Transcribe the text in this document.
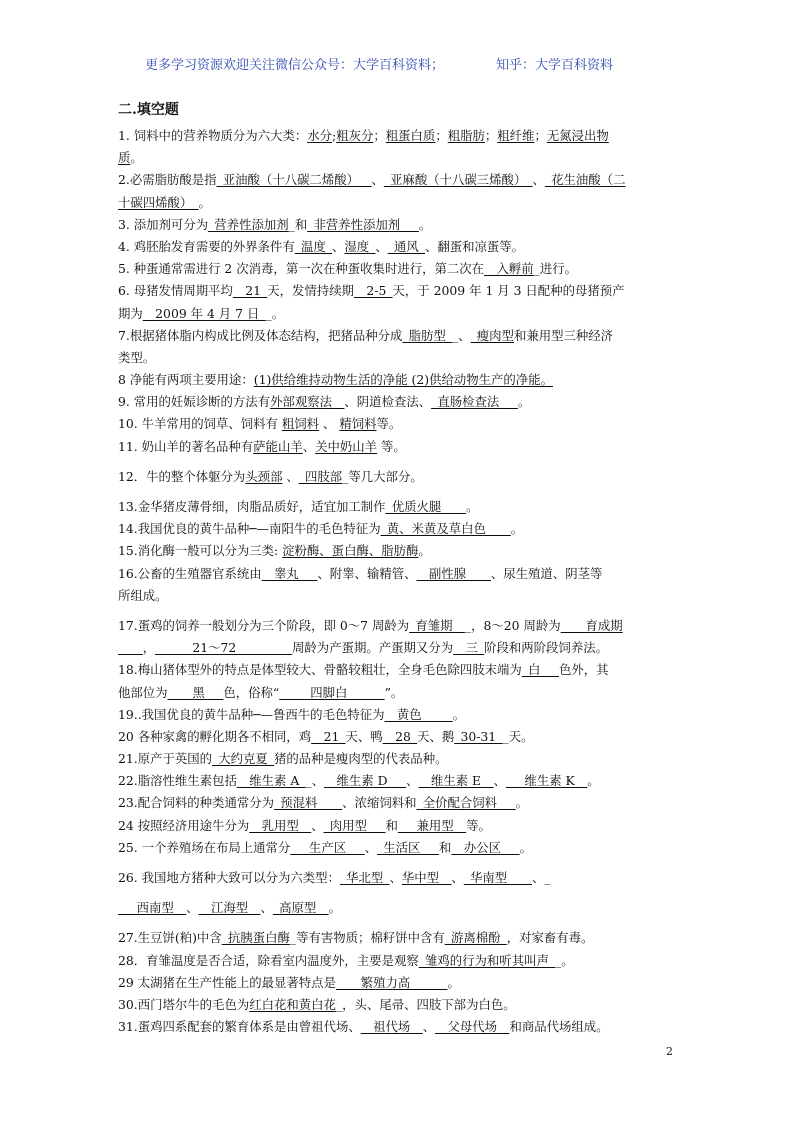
更多学习资源欢迎关注微信公众号：大学百科资料；	知乎：大学百科资料
二.填空题
1. 饲料中的营养物质分为六大类：水分;粗灰分；粗蛋白质；粗脂肪；粗纤维；无氮浸出物
质。
2.必需脂肪酸是指_亚油酸（十八碳二烯酸）__、_亚麻酸（十八碳三烯酸）_、_花生油酸（二
十碳四烯酸）_。
3. 添加剂可分为_营养性添加剂_和_非营养性添加剂___。
4. 鸡胚胎发育需要的外界条件有_温度_、湿度_、_通风_、翻蛋和凉蛋等。
5. 种蛋通常需进行 2 次消毒，第一次在种蛋收集时进行，第二次在__入孵前_进行。
6. 母猪发情周期平均__21_天，发情持续期__2-5_天，于 2009 年 1 月 3 日配种的母猪预产
期为__2009 年 4 月 7 日__。
7.根据猪体脂内构成比例及体态结构，把猪品种分成_脂肪型__、_瘦肉型和兼用型三种经济
类型。
8 净能有两项主要用途：(1)供给维持动物生活的净能 (2)供给动物生产的净能。
9. 常用的妊娠诊断的方法有外部观察法__、阴道检查法、_直肠检查法___。
10. 牛羊常用的饲草、饲料有 粗饲料 、 精饲料等。
11. 奶山羊的著名品种有萨能山羊、关中奶山羊 等。
12．牛的整个体躯分为头颈部 、_四肢部_等几大部分。
13.金华猪皮薄骨细，肉脂品质好，适宜加工制作_优质火腿____。
14.我国优良的黄牛品种─—南阳牛的毛色特征为_黄、米黄及草白色____。
15.消化酶一般可以分为三类: 淀粉酶、蛋白酶、脂肪酶。
16.公畜的生殖器官系统由__睾丸___、附睾、输精管、__副性腺____、尿生殖道、阴茎等
所组成。
17.蛋鸡的饲养一般划分为三个阶段，即 0～7 周龄为_育雏期___，8～20 周龄为____育成期
____，______21～72_________周龄为产蛋期。产蛋期又分为__三_阶段和两阶段饲养法。
18.梅山猪体型外的特点是体型较大、骨骼较粗壮，全身毛色除四肢末端为_白___色外，其
他部位为____黑___色，俗称“_____四脚白______”。
19..我国优良的黄牛品种─—鲁西牛的毛色特征为__黄色_____。
20 各种家禽的孵化期各不相同，鸡__21_天、鸭__28_天、鹅_30-31__天。
21.原产于英国的_大约克夏_猪的品种是瘦肉型的代表品种。
22.脂溶性维生素包括__维生素 A__、__维生素 D___、__维生素 E__、___维生素 K__。
23.配合饲料的种类通常分为_预混料____、浓缩饲料和_全价配合饲料___。
24 按照经济用途牛分为__乳用型__、_肉用型___和___兼用型__等。
25. 一个养殖场在布局上通常分___生产区___、_生活区___和__办公区___。
26. 我国地方猪种大致可以分为六类型：_华北型_、华中型__、_华南型____、_
___西南型__、__江海型__、_高原型__。
27.生豆饼(粕)中含_抗胰蛋白酶_等有害物质；棉籽饼中含有_游离棉酚_，对家畜有毒。
28．育雏温度是否合适，除看室内温度外，主要是观察_雏鸡的行为和听其叫声__。
29 太湖猪在生产性能上的最显著特点是____繁殖力高______。
30.西门塔尔牛的毛色为红白花和黄白花_，头、尾帚、四肢下部为白色。
31.蛋鸡四系配套的繁育体系是由曾祖代场、__祖代场__、__父母代场__和商品代场组成。
2
